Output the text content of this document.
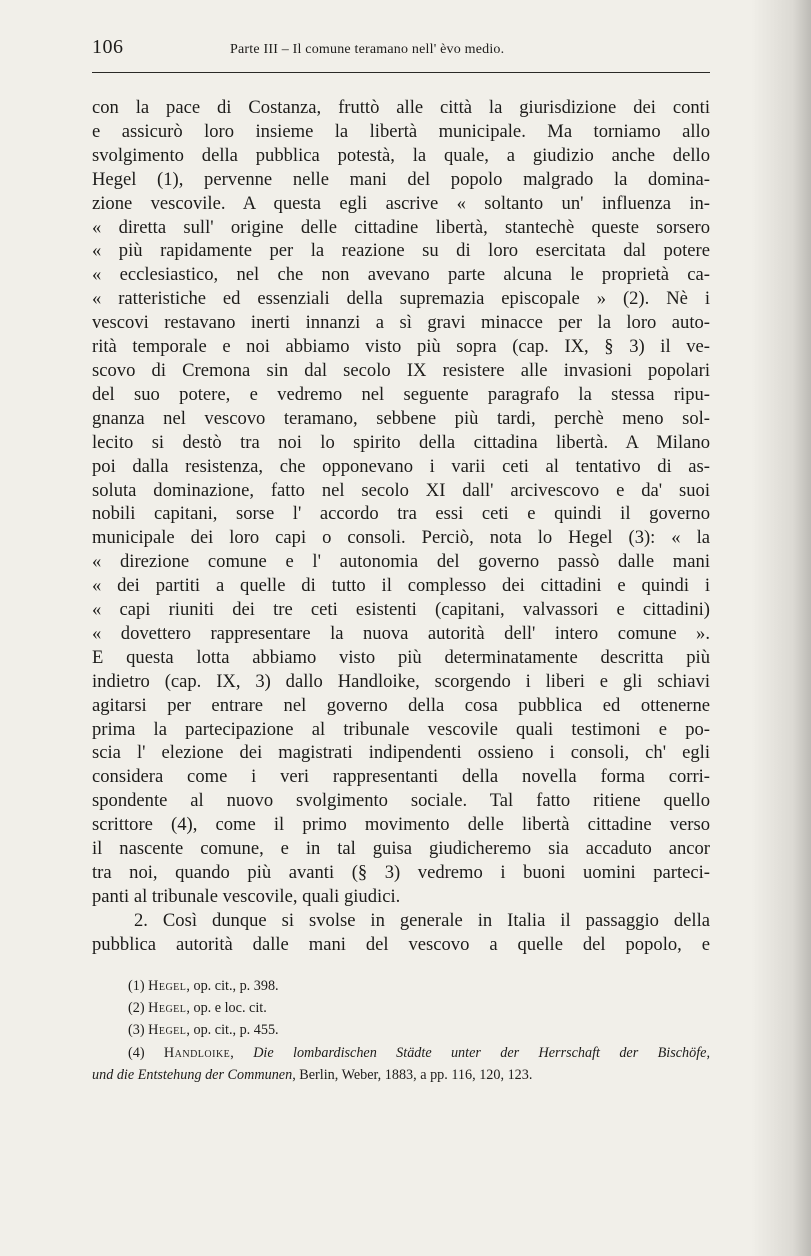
106	Parte III – Il comune teramano nell' èvo medio.
con la pace di Costanza, fruttò alle città la giurisdizione dei conti
e assicurò loro insieme la libertà municipale. Ma torniamo allo
svolgimento della pubblica potestà, la quale, a giudizio anche dello
Hegel (1), pervenne nelle mani del popolo malgrado la domina-
zione vescovile. A questa egli ascrive « soltanto un' influenza in-
« diretta sull' origine delle cittadine libertà, stantechè queste sorsero
« più rapidamente per la reazione su di loro esercitata dal potere
« ecclesiastico, nel che non avevano parte alcuna le proprietà ca-
« ratteristiche ed essenziali della supremazia episcopale » (2). Nè i
vescovi restavano inerti innanzi a sì gravi minacce per la loro auto-
rità temporale e noi abbiamo visto più sopra (cap. IX, § 3) il ve-
scovo di Cremona sin dal secolo IX resistere alle invasioni popolari
del suo potere, e vedremo nel seguente paragrafo la stessa ripu-
gnanza nel vescovo teramano, sebbene più tardi, perchè meno sol-
lecito si destò tra noi lo spirito della cittadina libertà. A Milano
poi dalla resistenza, che opponevano i varii ceti al tentativo di as-
soluta dominazione, fatto nel secolo XI dall' arcivescovo e da' suoi
nobili capitani, sorse l' accordo tra essi ceti e quindi il governo
municipale dei loro capi o consoli. Perciò, nota lo Hegel (3): « la
« direzione comune e l' autonomia del governo passò dalle mani
« dei partiti a quelle di tutto il complesso dei cittadini e quindi i
« capi riuniti dei tre ceti esistenti (capitani, valvassori e cittadini)
« dovettero rappresentare la nuova autorità dell' intero comune ».
E questa lotta abbiamo visto più determinatamente descritta più
indietro (cap. IX, 3) dallo Handloike, scorgendo i liberi e gli schiavi
agitarsi per entrare nel governo della cosa pubblica ed ottenerne
prima la partecipazione al tribunale vescovile quali testimoni e po-
scia l' elezione dei magistrati indipendenti ossieno i consoli, ch' egli
considera come i veri rappresentanti della novella forma corri-
spondente al nuovo svolgimento sociale. Tal fatto ritiene quello
scrittore (4), come il primo movimento delle libertà cittadine verso
il nascente comune, e in tal guisa giudicheremo sia accaduto ancor
tra noi, quando più avanti (§ 3) vedremo i buoni uomini parteci-
panti al tribunale vescovile, quali giudici.
2. Così dunque si svolse in generale in Italia il passaggio della
pubblica autorità dalle mani del vescovo a quelle del popolo, e
(1) Hegel, op. cit., p. 398.
(2) Hegel, op. e loc. cit.
(3) Hegel, op. cit., p. 455.
(4) Handloike, Die lombardischen Städte unter der Herrschaft der Bischöfe,
und die Entstehung der Communen, Berlin, Weber, 1883, a pp. 116, 120, 123.
